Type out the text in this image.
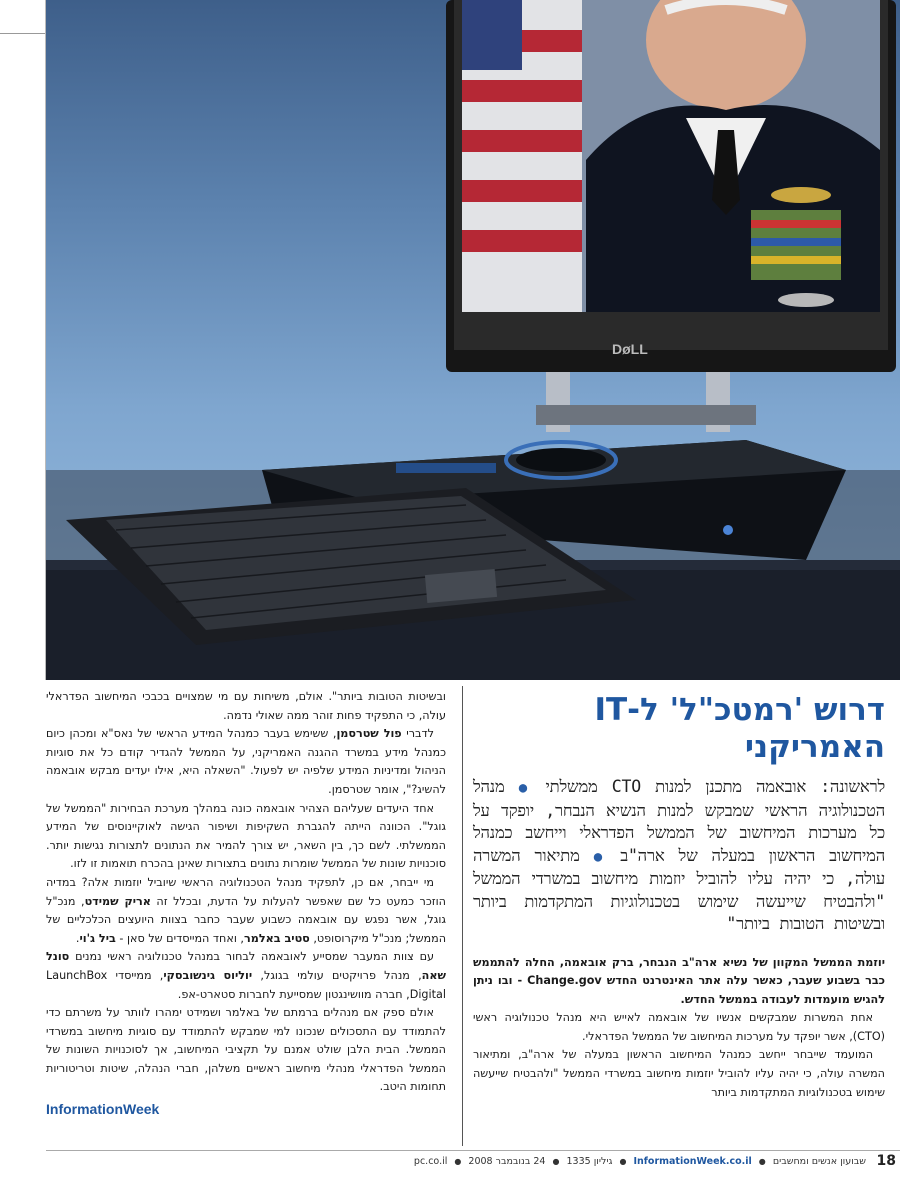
DøLL
דרוש 'רמטכ"ל' ל-IT
האמריקני
לראשונה: אובאמה מתכנן למנות CTO ממשלתי ● מנהל הטכנולוגיה הראשי שמבקש למנות הנשיא הנבחר, יופקד על כל מערכות המיחשוב של הממשל הפדראלי וייחשב כמנהל המיחשוב הראשון במעלה של ארה"ב ● מתיאור המשרה עולה, כי יהיה עליו להוביל יוזמות מיחשוב במשרדי הממשל "ולהבטיח שייעשה שימוש בטכנולוגיות המתקדמות ביותר ובשיטות הטובות ביותר"

יוזמת הממשל המקוון של נשיא ארה"ב הנבחר, ברק אובאמה, החלה להתממש כבר בשבוע שעבר, כאשר עלה אתר האינטרנט החדש Change.gov - ובו ניתן להגיש מועמדות לעבודה בממשל החדש.

אחת המשרות שמבקשים אנשיו של אובאמה לאייש היא מנהל טכנולוגיה ראשי (CTO), אשר יופקד על מערכות המיחשוב של הממשל הפדראלי.

המועמד שייבחר ייחשב כמנהל המיחשוב הראשון במעלה של ארה"ב, ומתיאור המשרה עולה, כי יהיה עליו להוביל יוזמות מיחשוב במשרדי הממשל "ולהבטיח שייעשה שימוש בטכנולוגיות המתקדמות ביותר

ובשיטות הטובות ביותר". אולם, משיחות עם מי שמצויים בכבכי המיחשוב הפדראלי עולה, כי התפקיד פחות זוהר ממה שאולי נדמה.

לדברי פול שטרסמן, ששימש בעבר כמנהל המידע הראשי של נאס"א ומכהן כיום כמנהל מידע במשרד ההגנה האמריקני, על הממשל להגדיר קודם כל את סוגיות הניהול ומדיניות המידע שלפיה יש לפעול. "השאלה היא, אילו יעדים מבקש אובאמה להשיג?", אומר שטרסמן.

אחד היעדים שעליהם הצהיר אובאמה כונה במהלך מערכת הבחירות "הממשל של גוגל". הכוונה הייתה להגברת השקיפות ושיפור הגישה לאוקיינוסים של המידע הממשלתי. לשם כך, בין השאר, יש צורך להמיר את הנתונים לתצורות נגישות יותר. סוכנויות שונות של הממשל שומרות נתונים בתצורות שאינן בהכרח תואמות זו לזו.

מי ייבחר, אם כן, לתפקיד מנהל הטכנולוגיה הראשי שיוביל יוזמות אלה? במדיה הוזכר כמעט כל שם שאפשר להעלות על הדעת, ובכלל זה אריק שמידט, מנכ"ל גוגל, אשר נפגש עם אובאמה כשבוע שעבר כחבר בצוות היועצים הכלכליים של הממשל; מנכ"ל מיקרוסופט, סטיב באלמר, ואחד המייסדים של סאן - ביל ג'וי.

עם צוות המעבר שמסייע לאובאמה לבחור במנהל טכנולוגיה ראשי נמנים סונל שאה, מנהל פרויקטים עולמי בגוגל, יוליוס גינשובסקי, ממייסדי LaunchBox Digital, חברה מוושינגטון שמסייעת לחברות סטארט-אפ.

אולם ספק אם מנהלים ברמתם של באלמר ושמידט ימהרו לוותר על משרתם כדי להתמודד עם התסכולים שנכונו למי שמבקש להתמודד עם סוגיות מיחשוב במשרדי הממשל. הבית הלבן שולט אמנם על תקציבי המיחשוב, אך לסוכנויות השונות של הממשל הפדראלי מנהלי מיחשוב ראשיים משלהן, חברי הנהלה, שיטות וטריטוריות תחומות היטב.

InformationWeek
18
שבועון אנשים ומחשבים ● InformationWeek.co.il ● גיליון 1335 ● 24 בנובמבר 2008 ● pc.co.il
